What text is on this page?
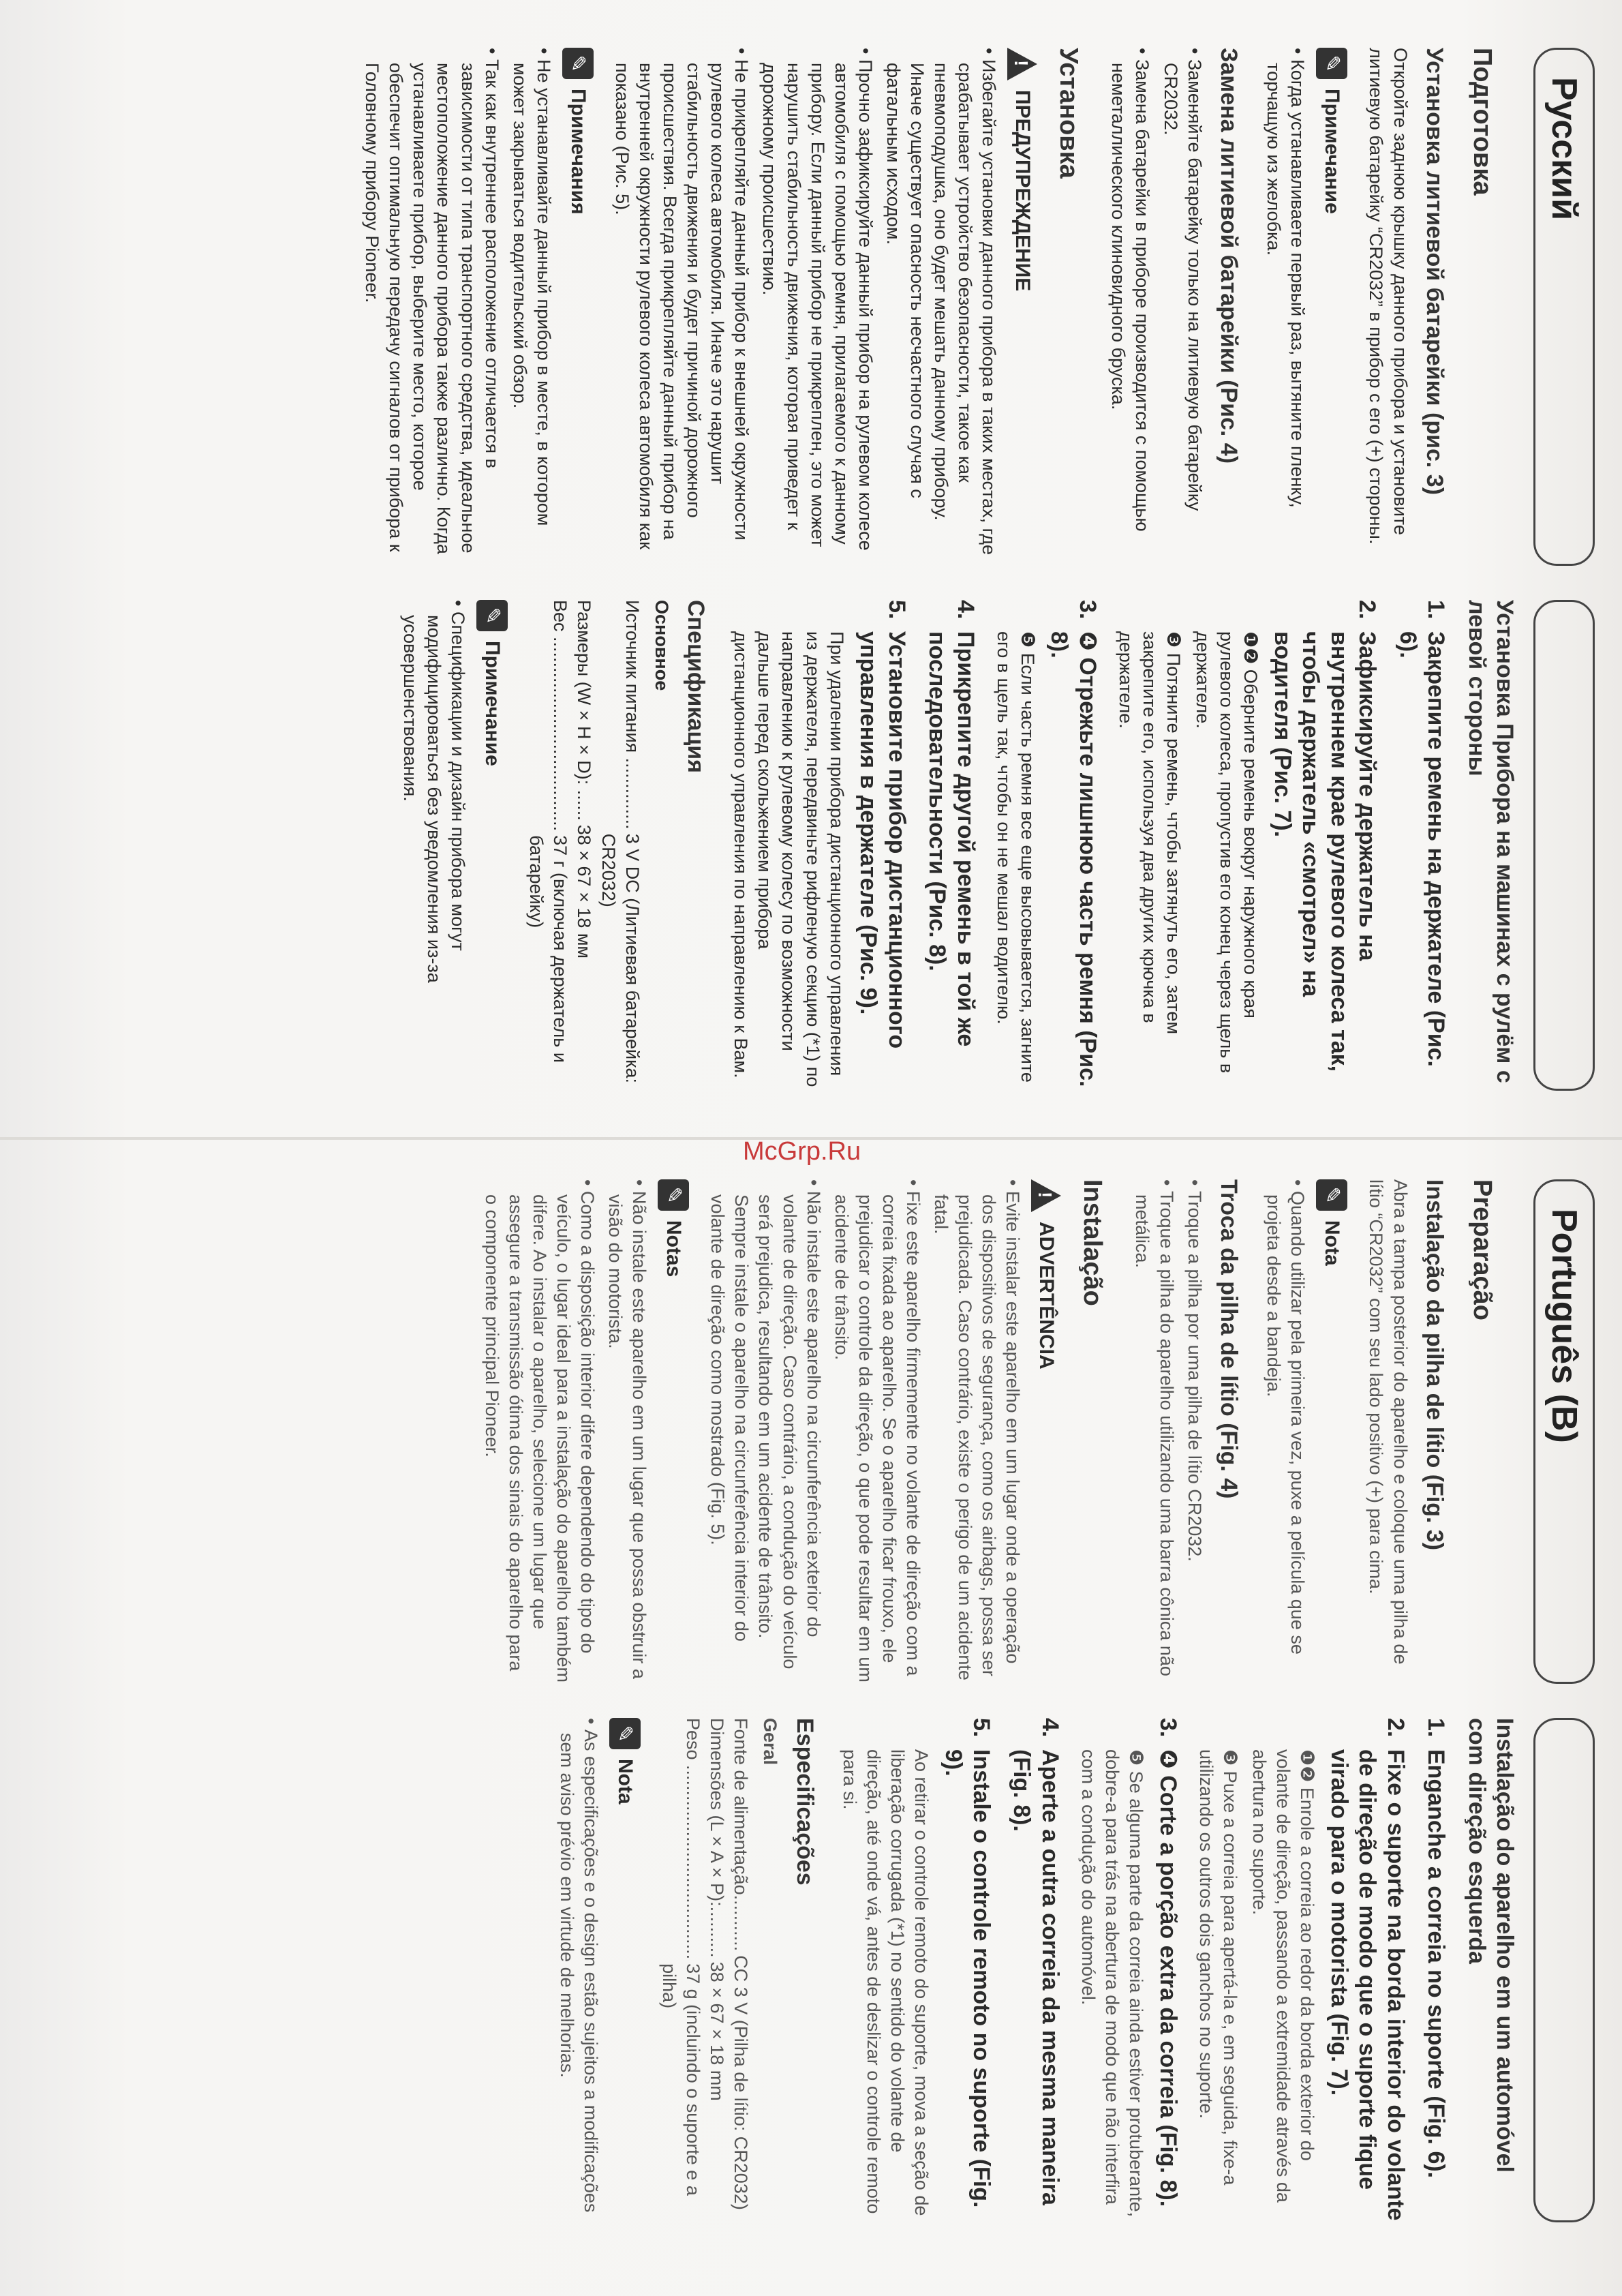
McGrp.Ru
Русский
Подготовка
Установка литиевой батарейки (рис. 3)
Откройте заднюю крышку данного прибора и установите литиевую батарейку “CR2032” в прибор с его (+) стороны.
✎
Примечание
• Когда устанавливаете первый раз, вытяните пленку, торчащую из желобка.
Замена литиевой батарейки (Рис. 4)
• Заменяйте батарейку только на литиевую батарейку CR2032.
• Замена батарейки в приборе производится с помощью неметаллического клиновидного бруска.
Установка
!
ПРЕДУПРЕЖДЕНИЕ
• Избегайте установки данного прибора в таких местах, где срабатывает устройство безопасности, такое как пневмоподушка, оно будет мешать данному прибору. Иначе существует опасность несчастного случая с фатальным исходом.
• Прочно зафиксируйте данный прибор на рулевом колесе автомобиля с помощью ремня, прилагаемого к данному прибору. Если данный прибор не прикреплен, это может нарушить стабильность движения, которая приведет к дорожному происшествию.
• Не прикрепляйте данный прибор к внешней окружности рулевого колеса автомобиля. Иначе это нарушит стабильность движения и будет причиной дорожного происшествия. Всегда прикрепляйте данный прибор на внутренней окружности рулевого колеса автомобиля как показано (Рис. 5).
✎
Примечания
• Не устанавливайте данный прибор в месте, в котором может закрываться водительский обзор.
• Так как внутреннее расположение отличается в зависимости от типа транспортного средства, идеальное местоположение данного прибора также различно. Когда устанавливаете прибор, выберите место, которое обеспечит оптимальную передачу сигналов от прибора к Головному прибору Pioneer.
Установка Прибора на машинах с рулём с левой стороны
1.
Закрепите ремень на держателе (Рис. 6).
2.
Зафиксируйте держатель на внутреннем крае рулевого колеса так, чтобы держатель «смотрел» на водителя (Рис. 7).
❶❷ Оберните ремень вокруг наружного края рулевого колеса, пропустив его конец через щель в держателе.
❸ Потяните ремень, чтобы затянуть его, затем закрепите его, используя два других крючка в держателе.
3.
❹ Отрежьте лишнюю часть ремня (Рис. 8).
❺ Если часть ремня все еще высовывается, загните его в щель так, чтобы он не мешал водителю.
4.
Прикрепите другой ремень в той же последовательности (Рис. 8).
5.
Установите прибор дистанционного управления в держателе (Рис. 9).
При удалении прибора дистанционного управления из держателя, передвиньте рифленую секцию (*1) по направлению к рулевому колесу по возможности дальше перед скольжением прибора дистанционного управления по направлению к Вам.
Спецификация
Основное
Источник питания ..............
3 V DC (Литиевая батарейка: CR2032)
Размеры (W × H × D): ......
38 × 67 × 18 мм
Вес ......................................
37 г (включая держатель и батарейку)
✎
Примечание
• Спецификации и дизайн прибора могут модифицироваться без уведомления из-за усовершенствования.
Português (B)
Preparação
Instalação da pilha de lítio (Fig. 3)
Abra a tampa posterior do aparelho e coloque uma pilha de lítio “CR2032” com seu lado positivo (+) para cima.
✎
Nota
• Quando utilizar pela primeira vez, puxe a película que se projeta desde a bandeja.
Troca da pilha de lítio (Fig. 4)
• Troque a pilha por uma pilha de lítio CR2032.
• Troque a pilha do aparelho utilizando uma barra cônica não metálica.
Instalação
!
ADVERTÊNCIA
• Evite instalar este aparelho em um lugar onde a operação dos dispositivos de segurança, como os airbags, possa ser prejudicada. Caso contrário, existe o perigo de um acidente fatal.
• Fixe este aparelho firmemente no volante de direção com a correia fixada ao aparelho. Se o aparelho ficar frouxo, ele prejudicar o controle da direção, o que pode resultar em um acidente de trânsito.
• Não instale este aparelho na circunferência exterior do volante de direção. Caso contrário, a condução do veículo será prejudica, resultando em um acidente de trânsito. Sempre instale o aparelho na circunferência interior do volante de direção como mostrado (Fig. 5).
✎
Notas
• Não instale este aparelho em um lugar que possa obstruir a visão do motorista.
• Como a disposição interior difere dependendo do tipo do veículo, o lugar ideal para a instalação do aparelho também difere. Ao instalar o aparelho, selecione um lugar que assegure a transmissão ótima dos sinais do aparelho para o componente principal Pioneer.
Instalação do aparelho em um automóvel com direção esquerda
1.
Enganche a correia no suporte (Fig. 6).
2.
Fixe o suporte na borda interior do volante de direção de modo que o suporte fique virado para o motorista (Fig. 7).
❶❷ Enrole a correia ao redor da borda exterior do volante de direção, passando a extremidade através da abertura no suporte.
❸ Puxe a correia para apertá-la e, em seguida, fixe-a utilizando os outros dois ganchos no suporte.
3.
❹ Corte a porção extra da correia (Fig. 8).
❺ Se alguma parte da correia ainda estiver protuberante, dobre-a para trás na abertura de modo que não interfira com a condução do automóvel.
4.
Aperte a outra correia da mesma maneira (Fig. 8).
5.
Instale o controle remoto no suporte (Fig. 9).
Ao retirar o controle remoto do suporte, mova a seção de liberação corrugada (*1) no sentido do volante de direção, até onde vá, antes de deslizar o controle remoto para si.
Especificações
Geral
Fonte de alimentação...........
CC 3 V (Pilha de lítio: CR2032)
Dimensões (L × A × P):..........
38 × 67 × 18 mm
Peso ......................................
37 g (incluindo o suporte e a pilha)
✎
Nota
• As especificações e o design estão sujeitos a modificações sem aviso prévio em virtude de melhorias.
